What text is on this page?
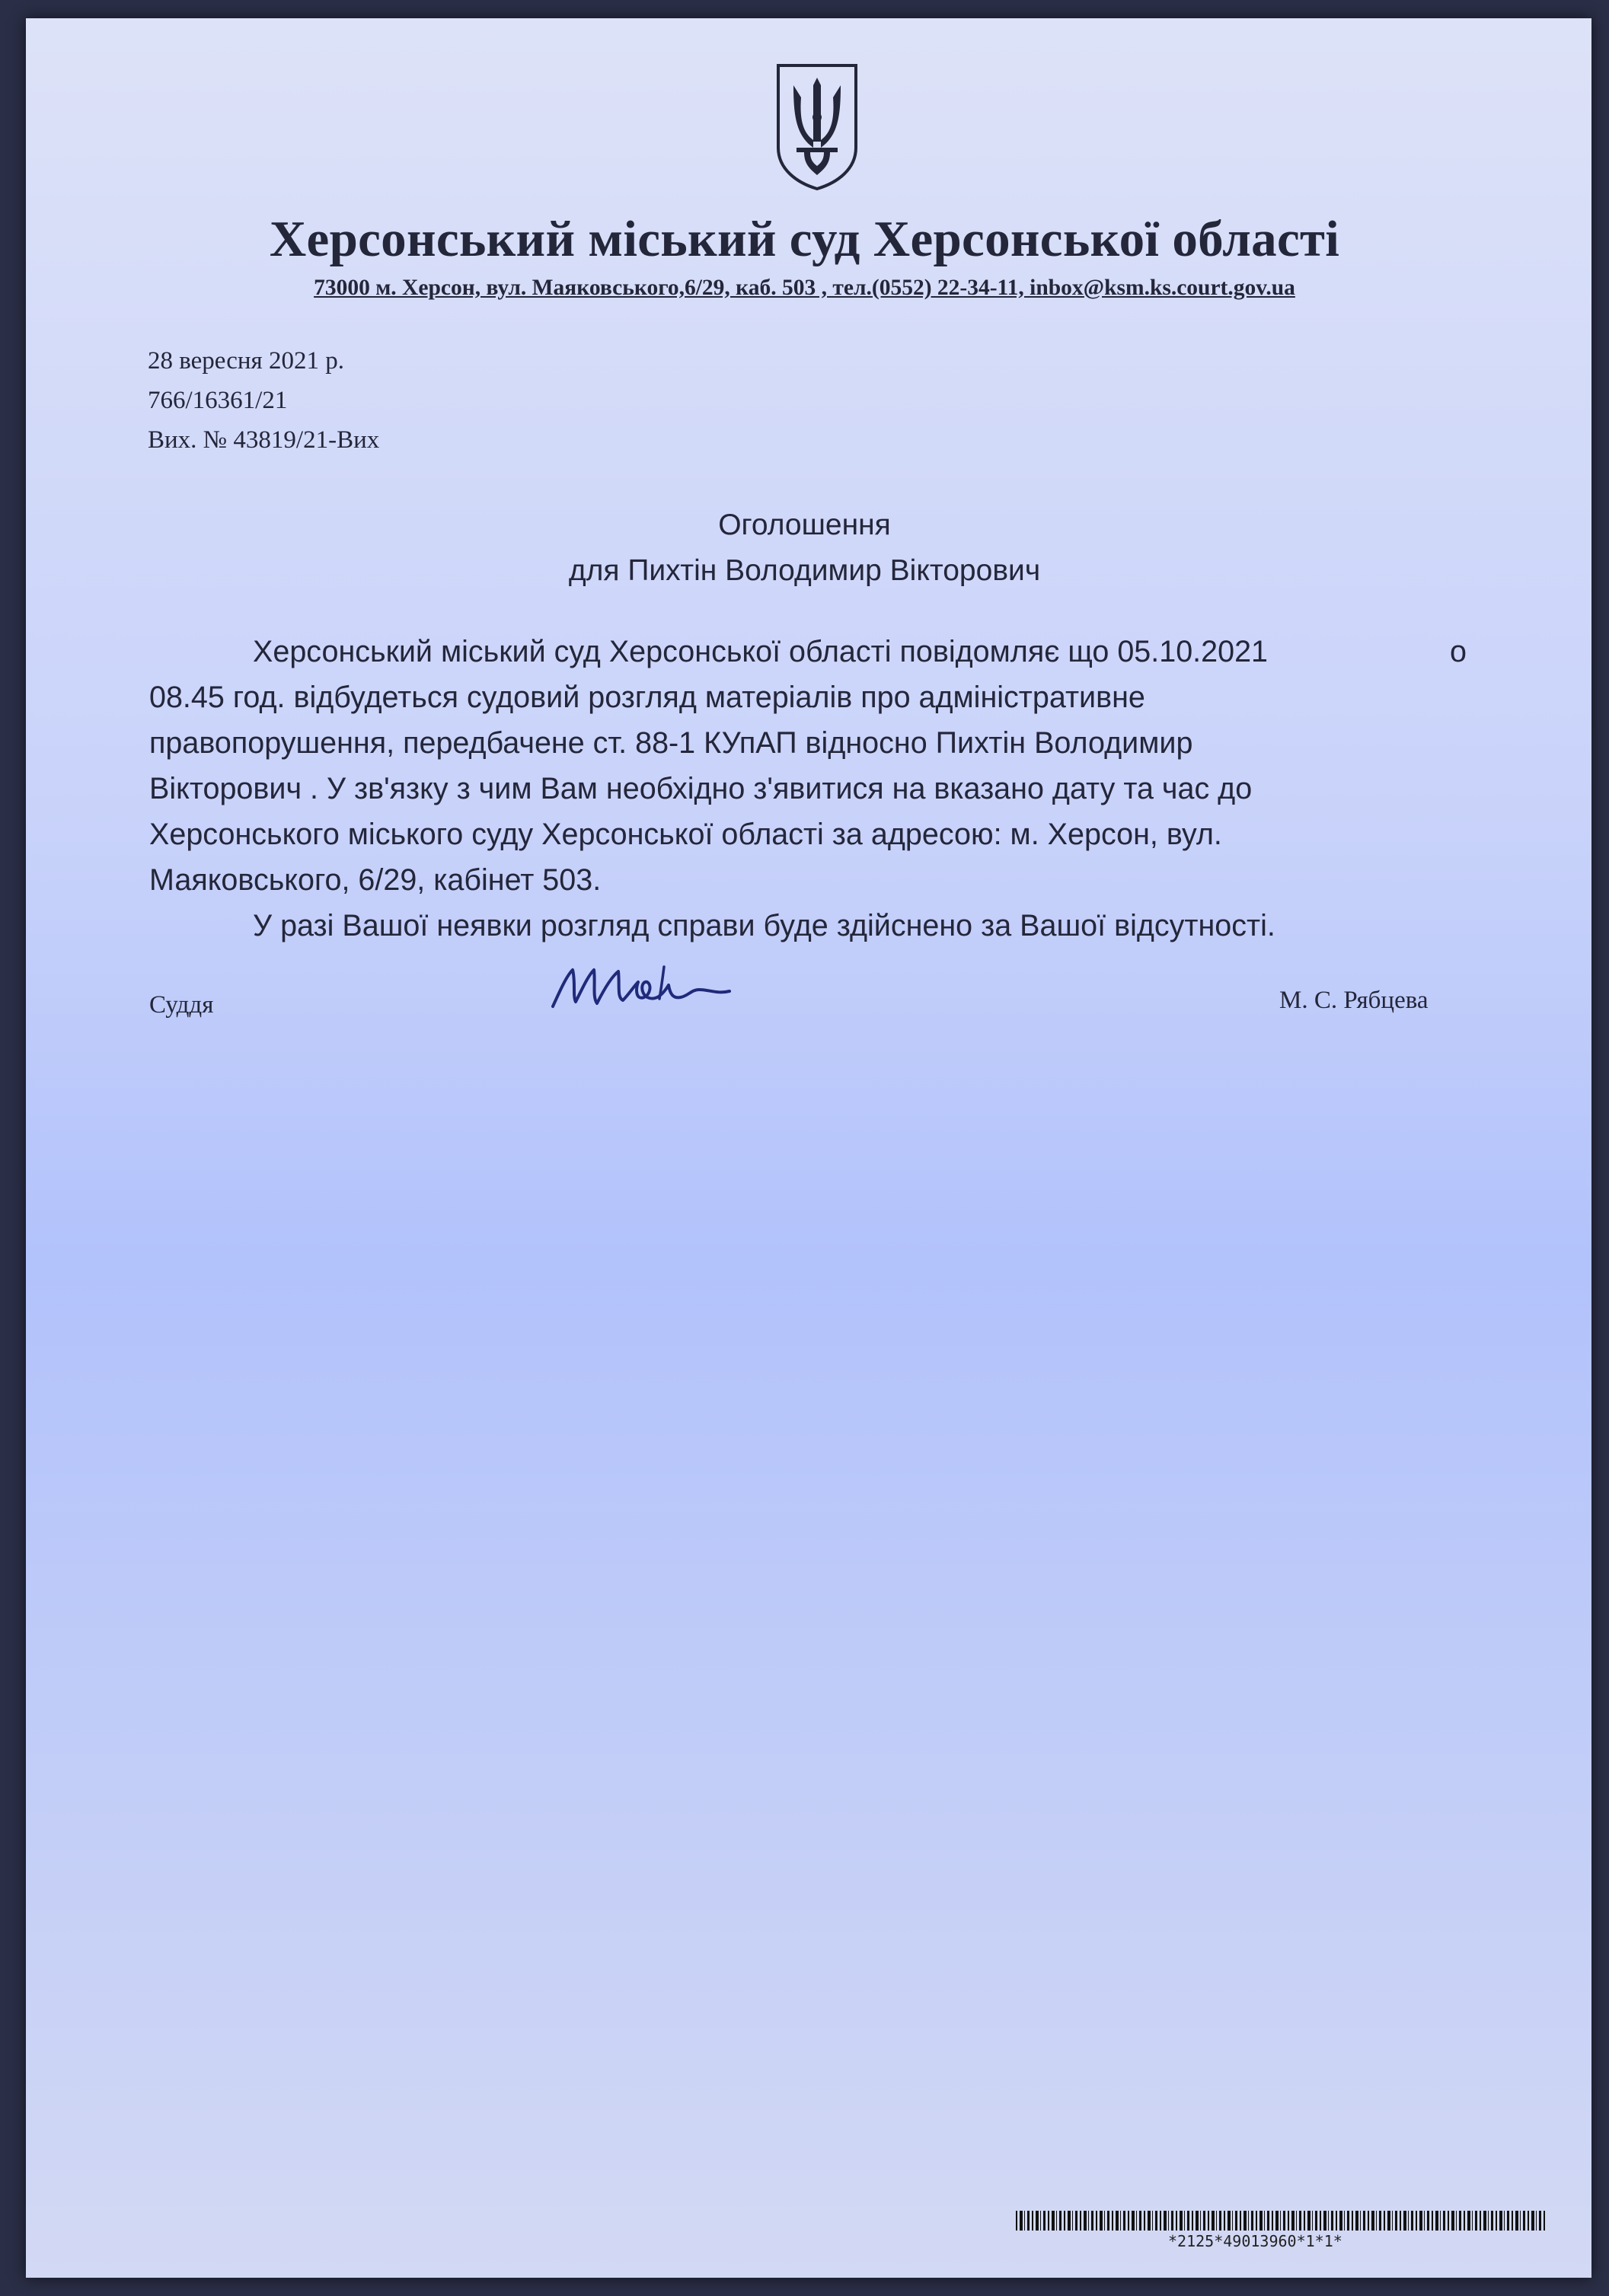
Херсонський міський суд Херсонської області
73000 м. Херсон, вул. Маяковського,6/29, каб. 503 , тел.(0552) 22-34-11, inbox@ksm.ks.court.gov.ua
28 вересня 2021 р.
766/16361/21
Вих. № 43819/21-Вих
Оголошення
для Пихтін Володимир Вікторович
Херсонський міський суд Херсонської області повідомляє що 05.10.2021	о
08.45 год. відбудеться судовий розгляд матеріалів про адміністративне
правопорушення, передбачене ст. 88-1 КУпАП відносно Пихтін Володимир
Вікторович . У зв'язку з чим Вам необхідно з'явитися на вказано дату та час до
Херсонського міського суду Херсонської області за адресою: м. Херсон, вул.
Маяковського, 6/29, кабінет 503.
У разі Вашої неявки розгляд справи буде здійснено за Вашої відсутності.
Суддя	М. С. Рябцева
*2125*49013960*1*1*
